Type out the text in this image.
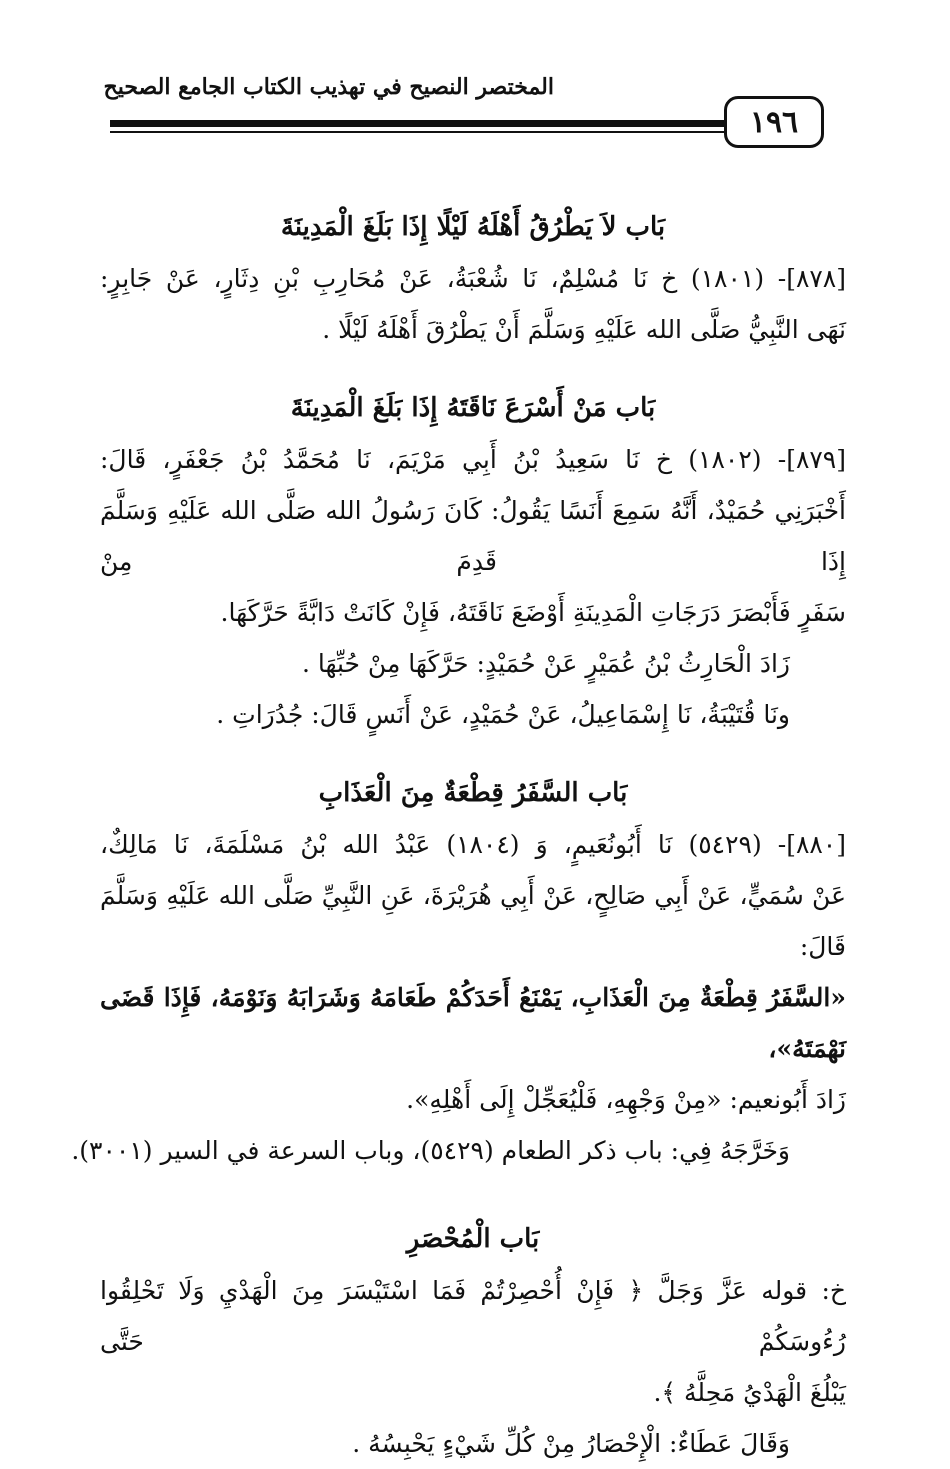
المختصر النصيح في تهذيب الكتاب الجامع الصحيح
١٩٦
بَاب لاَ يَطْرُقُ أَهْلَهُ لَيْلًا إِذَا بَلَغَ الْمَدِينَةَ
[٨٧٨]- (١٨٠١) خ نَا مُسْلِمٌ، نَا شُعْبَةُ، عَنْ مُحَارِبِ بْنِ دِثَارٍ، عَنْ جَابِرٍ:
نَهَى النَّبِيُّ صَلَّى الله عَلَيْهِ وَسَلَّمَ أَنْ يَطْرُقَ أَهْلَهُ لَيْلًا .
بَاب مَنْ أَسْرَعَ نَاقَتَهُ إِذَا بَلَغَ الْمَدِينَةَ
[٨٧٩]- (١٨٠٢) خ نَا سَعِيدُ بْنُ أَبِي مَرْيَمَ، نَا مُحَمَّدُ بْنُ جَعْفَرٍ، قَالَ:
أَخْبَرَنِي حُمَيْدٌ، أَنَّهُ سَمِعَ أَنَسًا يَقُولُ: كَانَ رَسُولُ الله صَلَّى الله عَلَيْهِ وَسَلَّمَ إِذَا قَدِمَ مِنْ
سَفَرٍ فَأَبْصَرَ دَرَجَاتِ الْمَدِينَةِ أَوْضَعَ نَاقَتَهُ، فَإِنْ كَانَتْ دَابَّةً حَرَّكَهَا.
زَادَ الْحَارِثُ بْنُ عُمَيْرٍ عَنْ حُمَيْدٍ: حَرَّكَهَا مِنْ حُبِّهَا .
ونَا قُتَيْبَةُ، نَا إِسْمَاعِيلُ، عَنْ حُمَيْدٍ، عَنْ أَنَسٍ قَالَ: جُدُرَاتِ .
بَاب السَّفَرُ قِطْعَةٌ مِنَ الْعَذَابِ
[٨٨٠]- (٥٤٢٩) نَا أَبُونُعَيمٍ، وَ (١٨٠٤) عَبْدُ الله بْنُ مَسْلَمَةَ، نَا مَالِكٌ،
عَنْ سُمَيٍّ، عَنْ أَبِي صَالِحٍ، عَنْ أَبِي هُرَيْرَةَ، عَنِ النَّبِيِّ صَلَّى الله عَلَيْهِ وَسَلَّمَ قَالَ:
«السَّفَرُ قِطْعَةٌ مِنَ الْعَذَابِ، يَمْنَعُ أَحَدَكُمْ طَعَامَهُ وَشَرَابَهُ وَنَوْمَهُ، فَإِذَا قَضَى نَهْمَتَهُ»،
زَادَ أَبُونعيم: «مِنْ وَجْهِهِ، فَلْيُعَجِّلْ إِلَى أَهْلِهِ».
وَخَرَّجَهُ فِي: باب ذكر الطعام (٥٤٢٩)، وباب السرعة في السير (٣٠٠١).
بَاب الْمُحْصَرِ
خ: قوله عَزَّ وَجَلَّ ﴿ فَإِنْ أُحْصِرْتُمْ فَمَا اسْتَيْسَرَ مِنَ الْهَدْيِ وَلَا تَحْلِقُوا رُءُوسَكُمْ حَتَّى
يَبْلُغَ الْهَدْيُ مَحِلَّهُ ﴾.
وَقَالَ عَطَاءٌ: الْإِحْصَارُ مِنْ كُلِّ شَيْءٍ يَحْبِسُهُ .
